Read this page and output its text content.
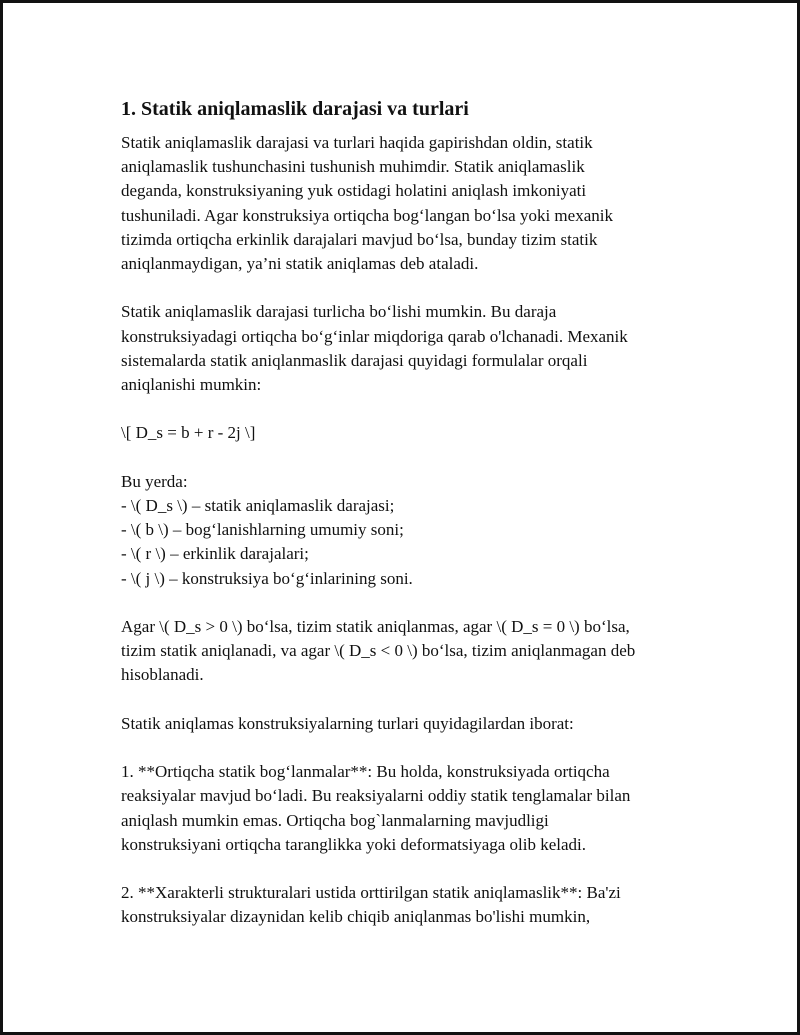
1. Statik aniqlamaslik darajasi va turlari

Statik aniqlamaslik darajasi va turlari haqida gapirishdan oldin, statik
aniqlamaslik tushunchasini tushunish muhimdir. Statik aniqlamaslik
deganda, konstruksiyaning yuk ostidagi holatini aniqlash imkoniyati
tushuniladi. Agar konstruksiya ortiqcha bog‘langan bo‘lsa yoki mexanik
tizimda ortiqcha erkinlik darajalari mavjud bo‘lsa, bunday tizim statik
aniqlanmaydigan, ya’ni statik aniqlamas deb ataladi.

Statik aniqlamaslik darajasi turlicha bo‘lishi mumkin. Bu daraja
konstruksiyadagi ortiqcha bo‘g‘inlar miqdoriga qarab o'lchanadi. Mexanik
sistemalarda statik aniqlanmaslik darajasi quyidagi formulalar orqali
aniqlanishi mumkin:

\[ D_s = b + r - 2j \]

Bu yerda:
- \( D_s \) – statik aniqlamaslik darajasi;
- \( b \) – bog‘lanishlarning umumiy soni;
- \( r \) – erkinlik darajalari;
- \( j \) – konstruksiya bo‘g‘inlarining soni.

Agar \( D_s > 0 \) bo‘lsa, tizim statik aniqlanmas, agar \( D_s = 0 \) bo‘lsa,
tizim statik aniqlanadi, va agar \( D_s < 0 \) bo‘lsa, tizim aniqlanmagan deb
hisoblanadi.

Statik aniqlamas konstruksiyalarning turlari quyidagilardan iborat:

1. **Ortiqcha statik bog‘lanmalar**: Bu holda, konstruksiyada ortiqcha
reaksiyalar mavjud bo‘ladi. Bu reaksiyalarni oddiy statik tenglamalar bilan
aniqlash mumkin emas. Ortiqcha bog`lanmalarning mavjudligi
konstruksiyani ortiqcha taranglikka yoki deformatsiyaga olib keladi.

2. **Xarakterli strukturalari ustida orttirilgan statik aniqlamaslik**: Ba'zi
konstruksiyalar dizaynidan kelib chiqib aniqlanmas bo'lishi mumkin,
